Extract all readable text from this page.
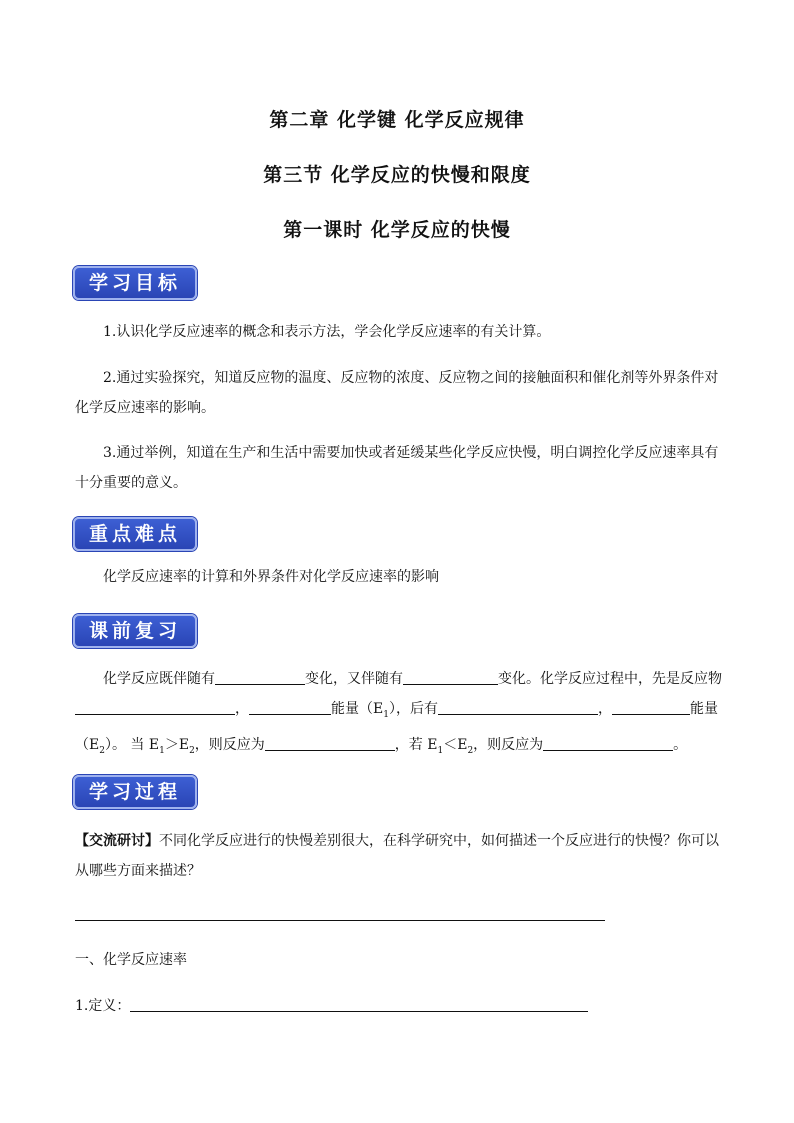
第二章 化学键 化学反应规律
第三节 化学反应的快慢和限度
第一课时 化学反应的快慢
学习目标
1.认识化学反应速率的概念和表示方法，学会化学反应速率的有关计算。
2.通过实验探究，知道反应物的温度、反应物的浓度、反应物之间的接触面积和催化剂等外界条件对化学反应速率的影响。
3.通过举例，知道在生产和生活中需要加快或者延缓某些化学反应快慢，明白调控化学反应速率具有十分重要的意义。
重点难点
化学反应速率的计算和外界条件对化学反应速率的影响
课前复习
化学反应既伴随有	变化，又伴随有	变化。化学反应过程中，先是反应物 ，	能量$(E_1)$，后有	，	能量$(E_2)$。 当 $E_1>E_2$，则反应为	，若 $E_1<E_2$，则反应为	。
学习过程
【交流研讨】不同化学反应进行的快慢差别很大，在科学研究中，如何描述一个反应进行的快慢？你可以从哪些方面来描述？
一、化学反应速率
1.定义：
